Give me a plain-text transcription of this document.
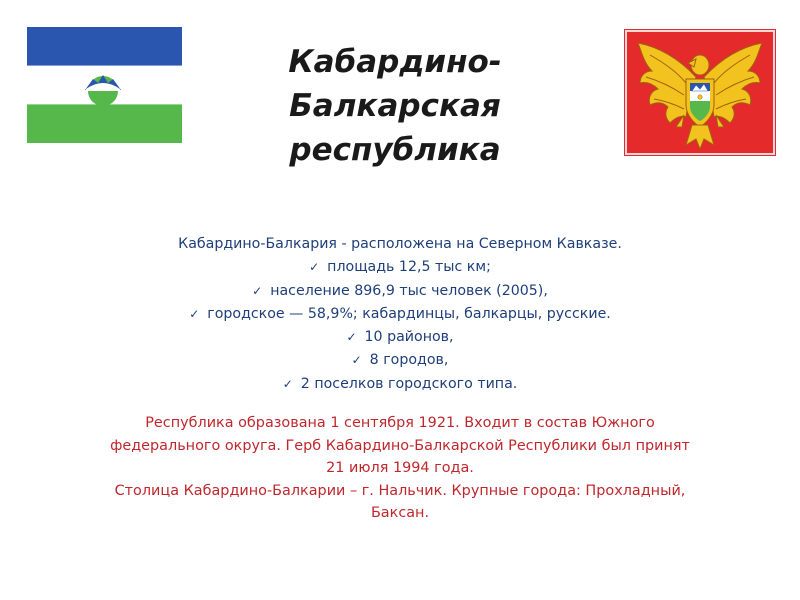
Кабардино-
Балкарская
республика
Кабардино-Балкария - расположена на Северном Кавказе.
✓ площадь 12,5 тыс км;
✓ население 896,9 тыс человек (2005),
✓ городское — 58,9%; кабардинцы, балкарцы, русские.
✓ 10 районов,
✓ 8 городов,
✓ 2 поселков городского типа.
Республика образована 1 сентября 1921. Входит в состав Южного
федерального округа. Герб Кабардино-Балкарской Республики был принят
21 июля 1994 года.
Столица Кабардино-Балкарии – г. Нальчик. Крупные города: Прохладный,
Баксан.
